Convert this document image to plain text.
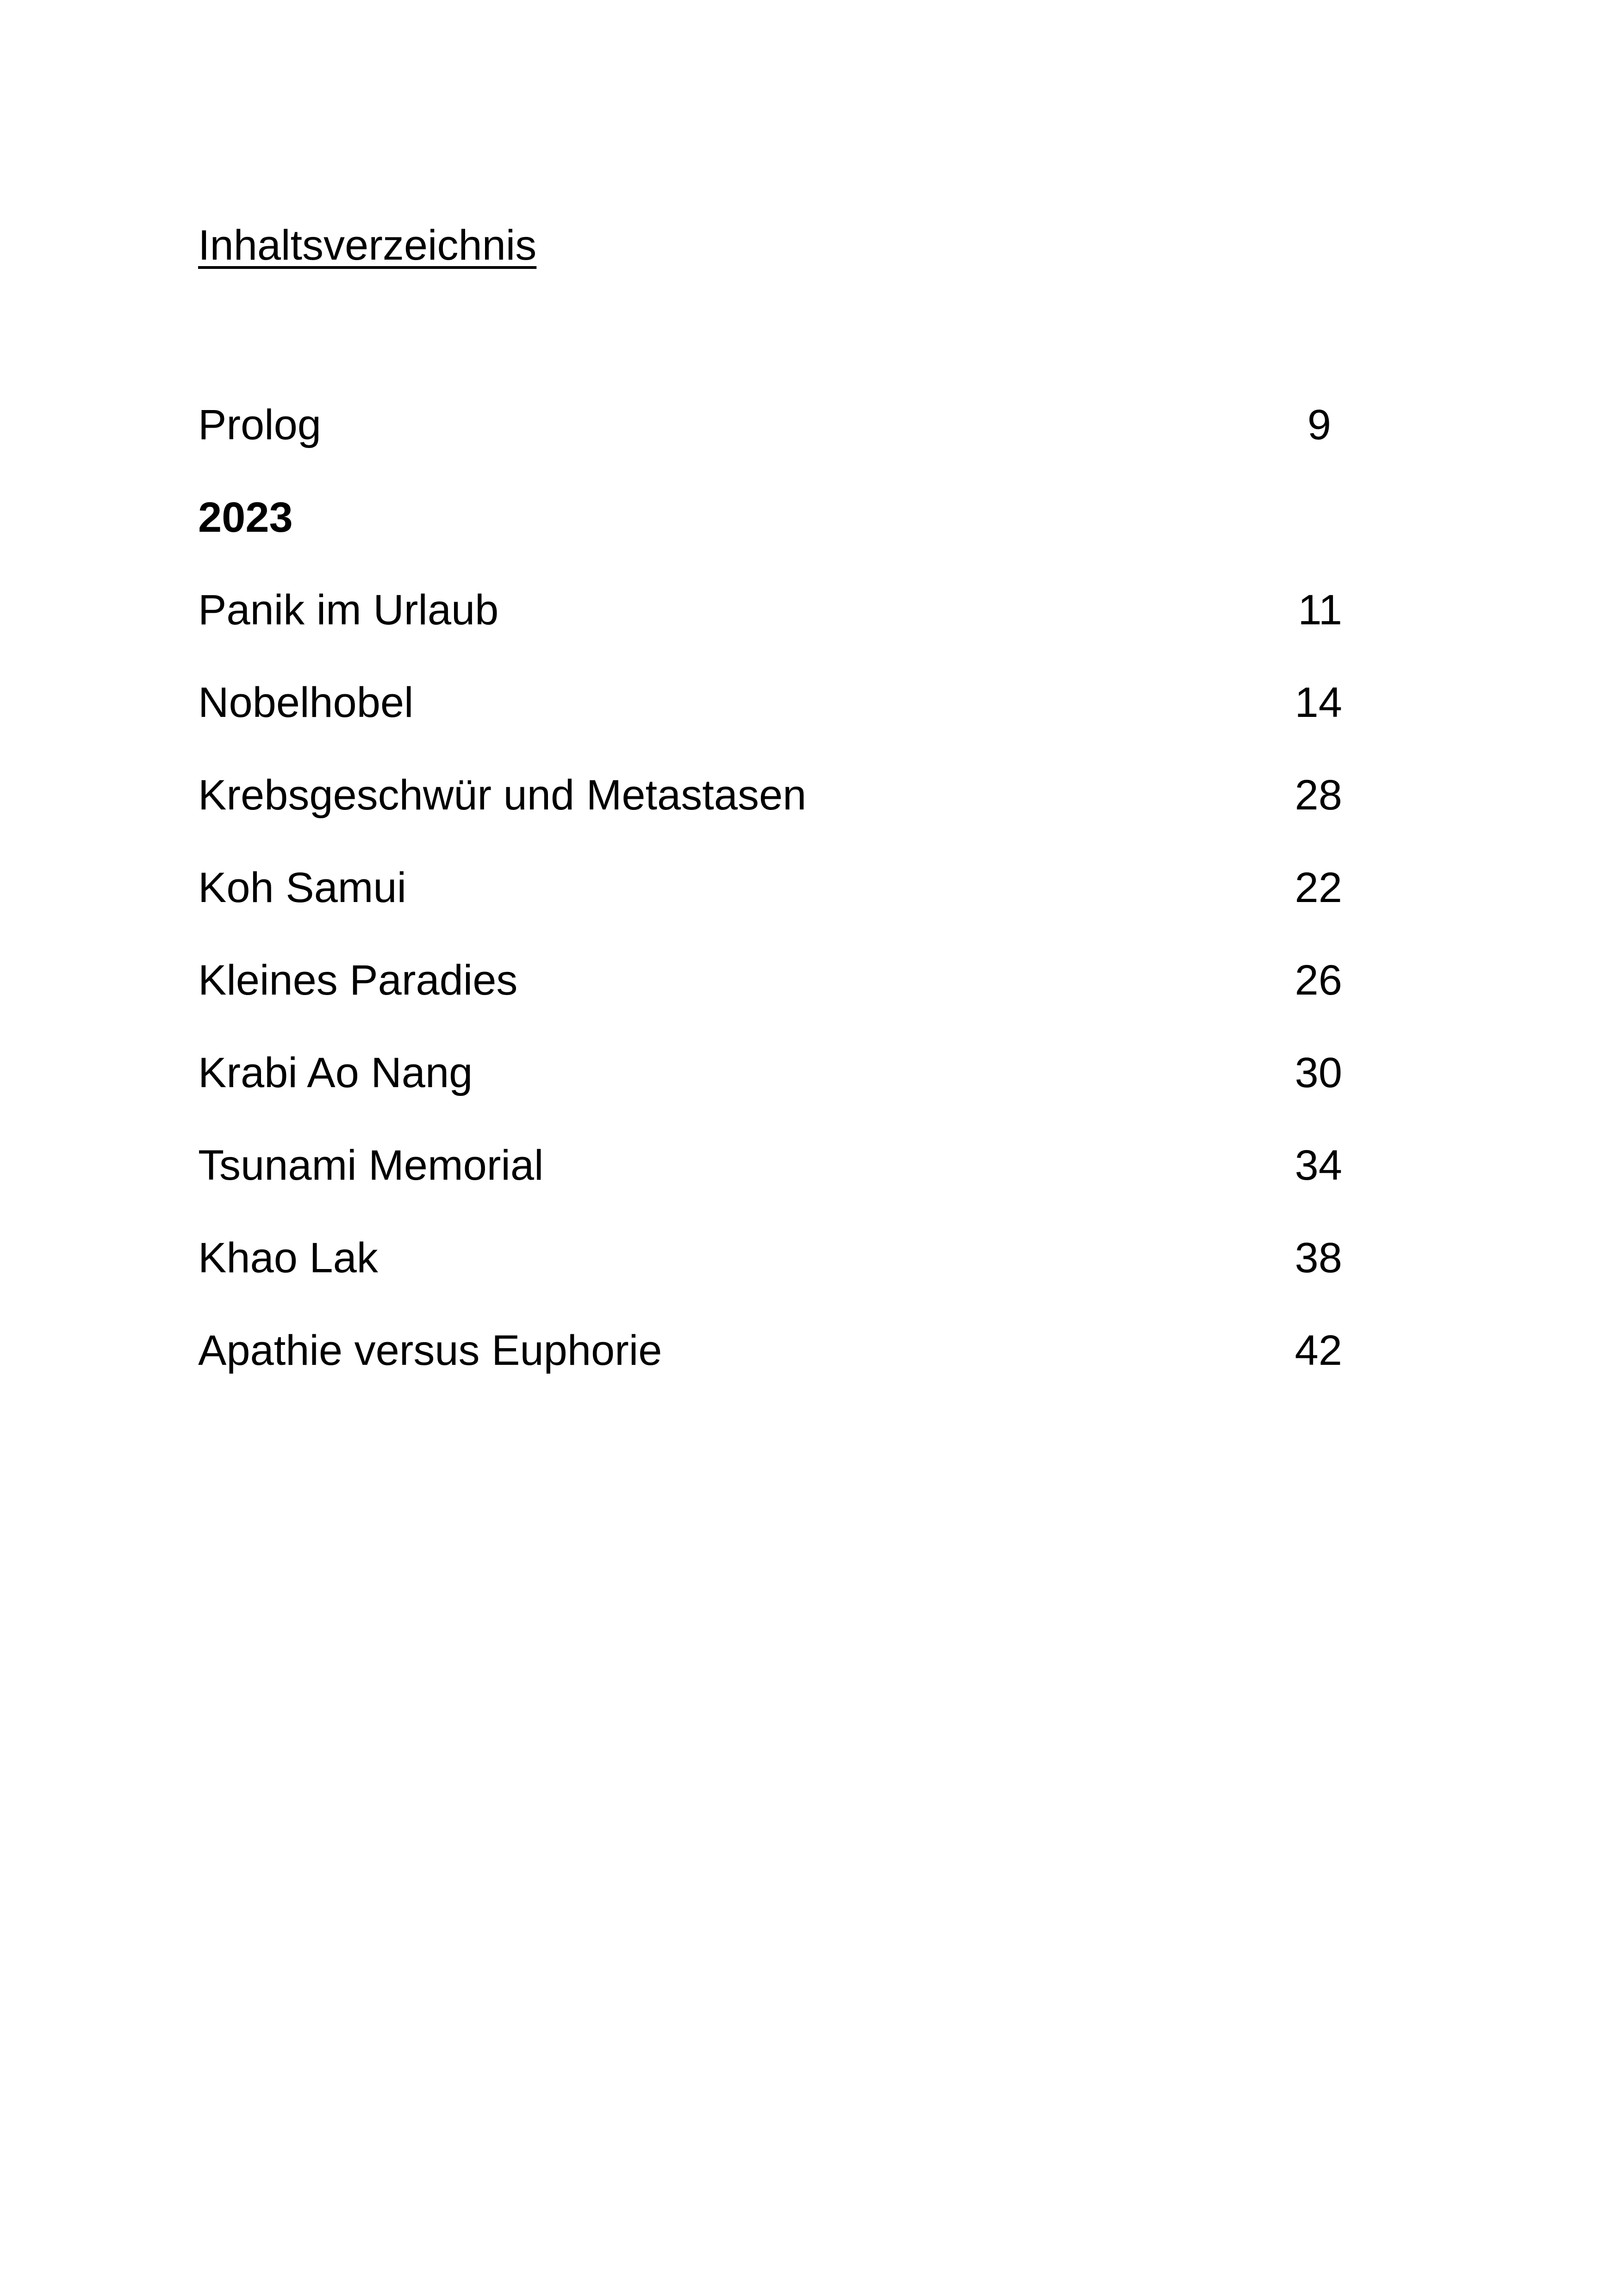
Inhaltsverzeichnis
Prolog	9
2023
Panik im Urlaub	11
Nobelhobel	14
Krebsgeschwür und Metastasen	28
Koh Samui	22
Kleines Paradies	26
Krabi Ao Nang	30
Tsunami Memorial	34
Khao Lak	38
Apathie versus Euphorie	42
